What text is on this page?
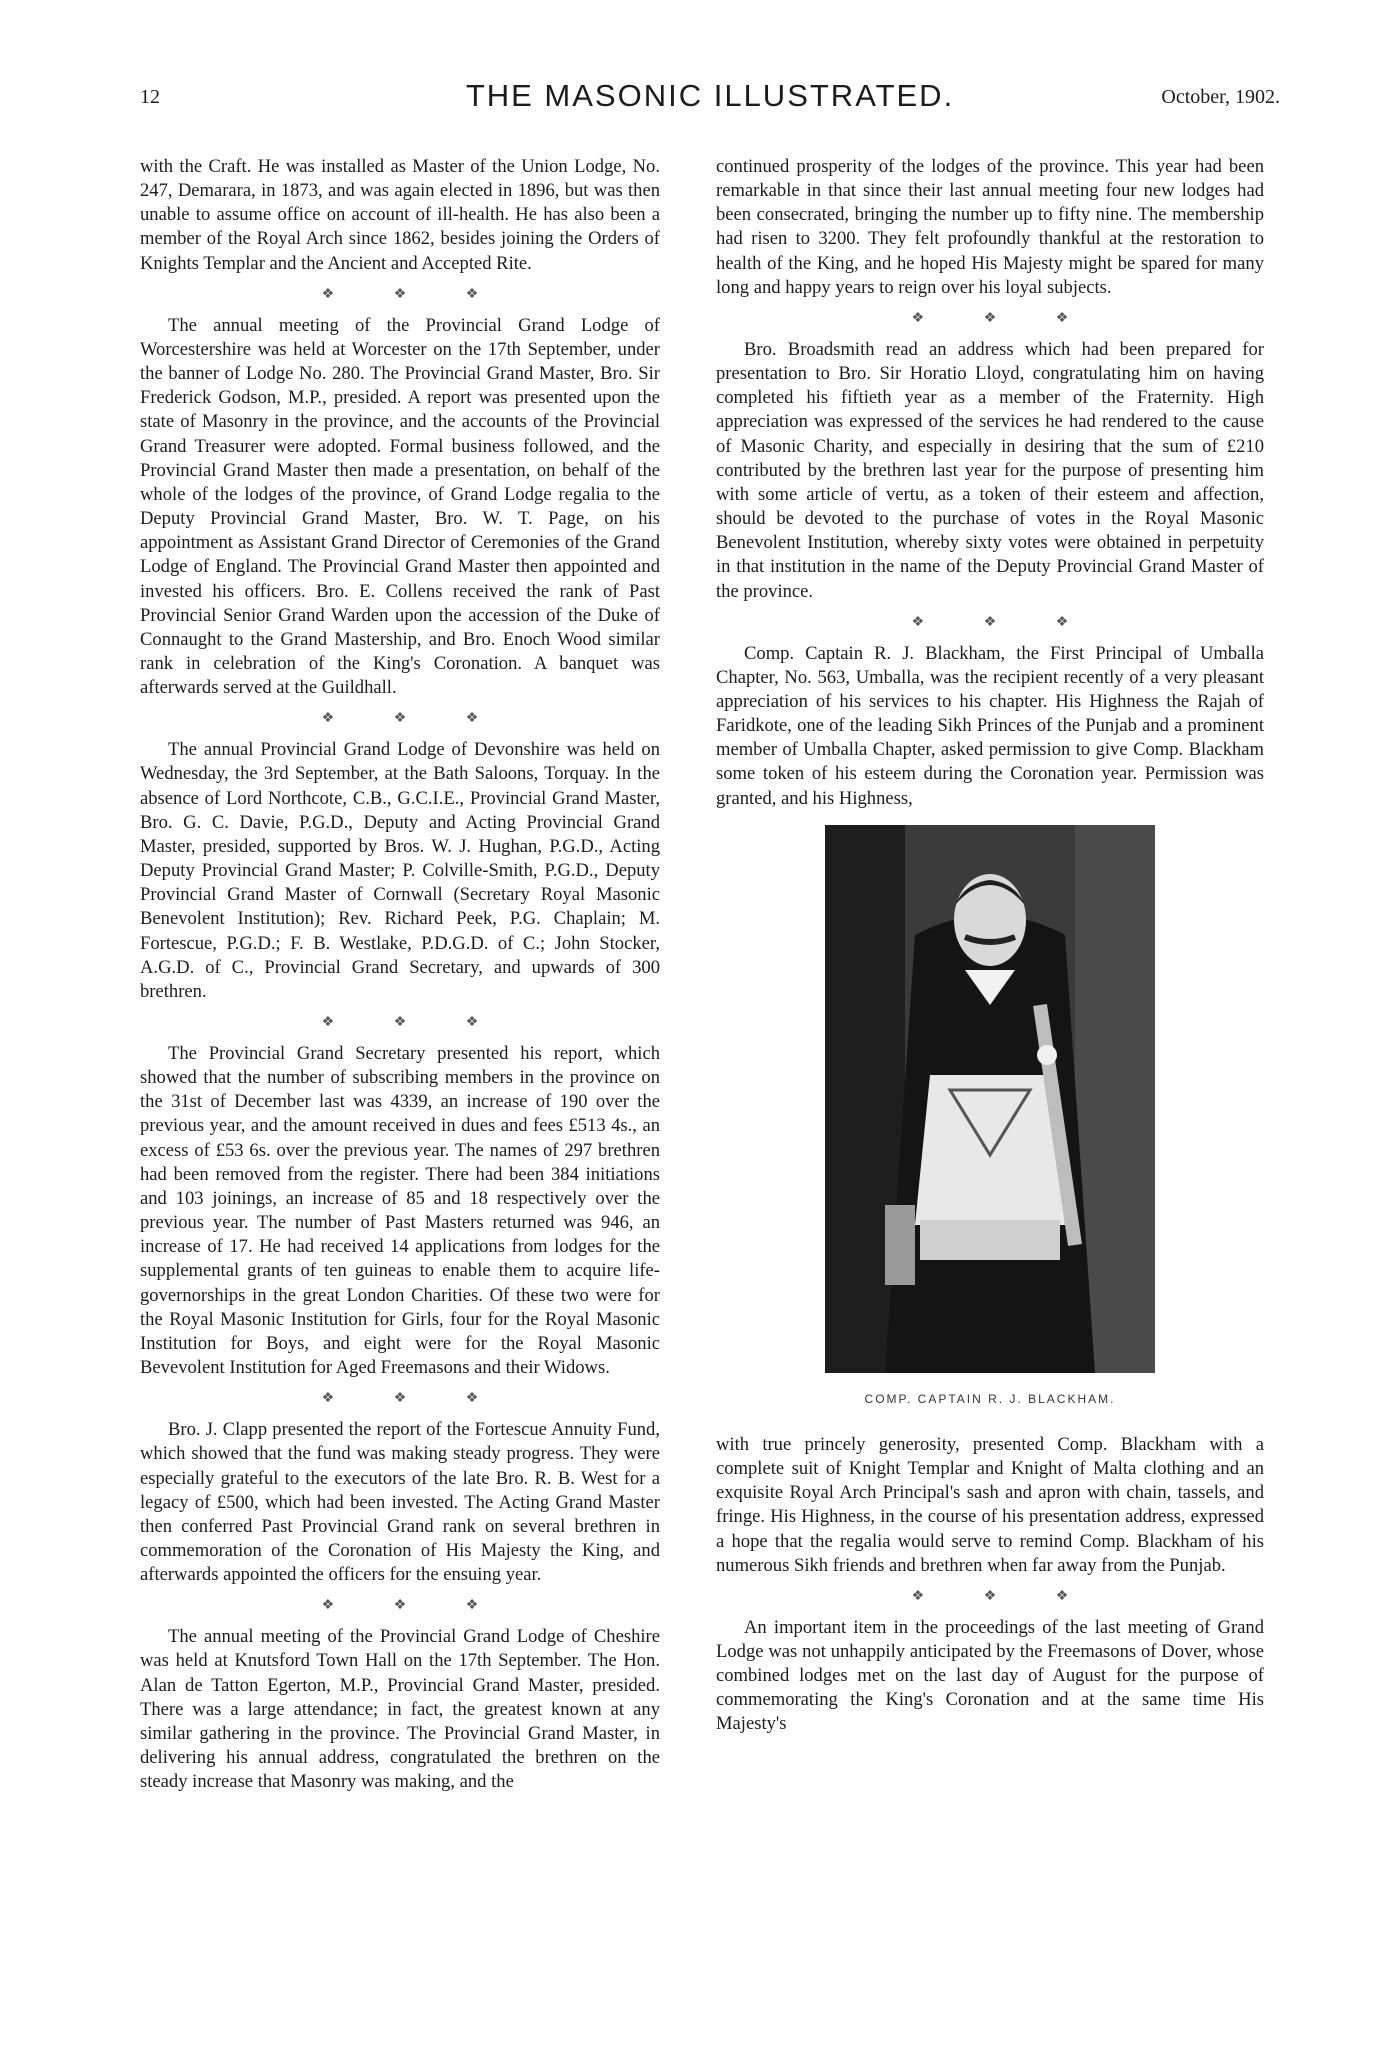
12	THE MASONIC ILLUSTRATED.	October, 1902.

with the Craft. He was installed as Master of the Union Lodge, No. 247, Demarara, in 1873, and was again elected in 1896, but was then unable to assume office on account of ill-health. He has also been a member of the Royal Arch since 1862, besides joining the Orders of Knights Templar and the Ancient and Accepted Rite.

❖ ❖ ❖

The annual meeting of the Provincial Grand Lodge of Worcestershire was held at Worcester on the 17th September, under the banner of Lodge No. 280. The Provincial Grand Master, Bro. Sir Frederick Godson, M.P., presided. A report was presented upon the state of Masonry in the province, and the accounts of the Provincial Grand Treasurer were adopted. Formal business followed, and the Provincial Grand Master then made a presentation, on behalf of the whole of the lodges of the province, of Grand Lodge regalia to the Deputy Provincial Grand Master, Bro. W. T. Page, on his appointment as Assistant Grand Director of Ceremonies of the Grand Lodge of England. The Provincial Grand Master then appointed and invested his officers. Bro. E. Collens received the rank of Past Provincial Senior Grand Warden upon the accession of the Duke of Connaught to the Grand Mastership, and Bro. Enoch Wood similar rank in celebration of the King's Coronation. A banquet was afterwards served at the Guildhall.

❖ ❖ ❖

The annual Provincial Grand Lodge of Devonshire was held on Wednesday, the 3rd September, at the Bath Saloons, Torquay. In the absence of Lord Northcote, C.B., G.C.I.E., Provincial Grand Master, Bro. G. C. Davie, P.G.D., Deputy and Acting Provincial Grand Master, presided, supported by Bros. W. J. Hughan, P.G.D., Acting Deputy Provincial Grand Master; P. Colville-Smith, P.G.D., Deputy Provincial Grand Master of Cornwall (Secretary Royal Masonic Benevolent Institution); Rev. Richard Peek, P.G. Chaplain; M. Fortescue, P.G.D.; F. B. Westlake, P.D.G.D. of C.; John Stocker, A.G.D. of C., Provincial Grand Secretary, and upwards of 300 brethren.

❖ ❖ ❖

The Provincial Grand Secretary presented his report, which showed that the number of subscribing members in the province on the 31st of December last was 4339, an increase of 190 over the previous year, and the amount received in dues and fees £513 4s., an excess of £53 6s. over the previous year. The names of 297 brethren had been removed from the register. There had been 384 initiations and 103 joinings, an increase of 85 and 18 respectively over the previous year. The number of Past Masters returned was 946, an increase of 17. He had received 14 applications from lodges for the supplemental grants of ten guineas to enable them to acquire life-governorships in the great London Charities. Of these two were for the Royal Masonic Institution for Girls, four for the Royal Masonic Institution for Boys, and eight were for the Royal Masonic Bevevolent Institution for Aged Freemasons and their Widows.

❖ ❖ ❖

Bro. J. Clapp presented the report of the Fortescue Annuity Fund, which showed that the fund was making steady progress. They were especially grateful to the executors of the late Bro. R. B. West for a legacy of £500, which had been invested. The Acting Grand Master then conferred Past Provincial Grand rank on several brethren in commemoration of the Coronation of His Majesty the King, and afterwards appointed the officers for the ensuing year.

❖ ❖ ❖

The annual meeting of the Provincial Grand Lodge of Cheshire was held at Knutsford Town Hall on the 17th September. The Hon. Alan de Tatton Egerton, M.P., Provincial Grand Master, presided. There was a large attendance; in fact, the greatest known at any similar gathering in the province. The Provincial Grand Master, in delivering his annual address, congratulated the brethren on the steady increase that Masonry was making, and the

continued prosperity of the lodges of the province. This year had been remarkable in that since their last annual meeting four new lodges had been consecrated, bringing the number up to fifty nine. The membership had risen to 3200. They felt profoundly thankful at the restoration to health of the King, and he hoped His Majesty might be spared for many long and happy years to reign over his loyal subjects.

❖ ❖ ❖

Bro. Broadsmith read an address which had been prepared for presentation to Bro. Sir Horatio Lloyd, congratulating him on having completed his fiftieth year as a member of the Fraternity. High appreciation was expressed of the services he had rendered to the cause of Masonic Charity, and especially in desiring that the sum of £210 contributed by the brethren last year for the purpose of presenting him with some article of vertu, as a token of their esteem and affection, should be devoted to the purchase of votes in the Royal Masonic Benevolent Institution, whereby sixty votes were obtained in perpetuity in that institution in the name of the Deputy Provincial Grand Master of the province.

❖ ❖ ❖

Comp. Captain R. J. Blackham, the First Principal of Umballa Chapter, No. 563, Umballa, was the recipient recently of a very pleasant appreciation of his services to his chapter. His Highness the Rajah of Faridkote, one of the leading Sikh Princes of the Punjab and a prominent member of Umballa Chapter, asked permission to give Comp. Blackham some token of his esteem during the Coronation year. Permission was granted, and his Highness,

COMP. CAPTAIN R. J. BLACKHAM.

with true princely generosity, presented Comp. Blackham with a complete suit of Knight Templar and Knight of Malta clothing and an exquisite Royal Arch Principal's sash and apron with chain, tassels, and fringe. His Highness, in the course of his presentation address, expressed a hope that the regalia would serve to remind Comp. Blackham of his numerous Sikh friends and brethren when far away from the Punjab.

❖ ❖ ❖

An important item in the proceedings of the last meeting of Grand Lodge was not unhappily anticipated by the Freemasons of Dover, whose combined lodges met on the last day of August for the purpose of commemorating the King's Coronation and at the same time His Majesty's
